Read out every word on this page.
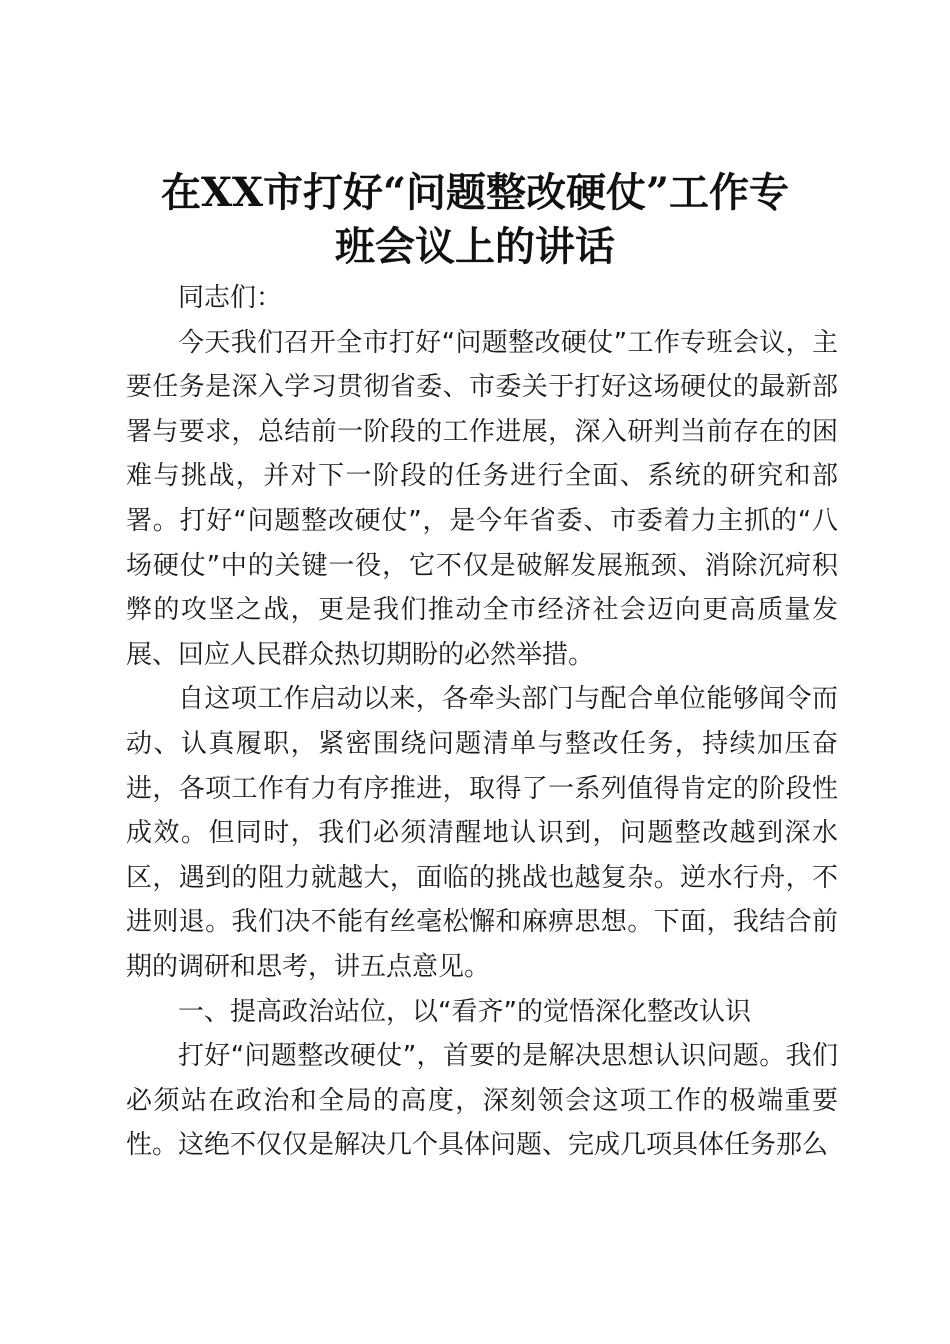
在XX市打好“问题整改硬仗”工作专
班会议上的讲话

同志们：

今天我们召开全市打好“问题整改硬仗”工作专班会议，主要任务是深入学习贯彻省委、市委关于打好这场硬仗的最新部署与要求，总结前一阶段的工作进展，深入研判当前存在的困难与挑战，并对下一阶段的任务进行全面、系统的研究和部署。打好“问题整改硬仗”，是今年省委、市委着力主抓的“八场硬仗”中的关键一役，它不仅是破解发展瓶颈、消除沉疴积弊的攻坚之战，更是我们推动全市经济社会迈向更高质量发展、回应人民群众热切期盼的必然举措。

自这项工作启动以来，各牵头部门与配合单位能够闻令而动、认真履职，紧密围绕问题清单与整改任务，持续加压奋进，各项工作有力有序推进，取得了一系列值得肯定的阶段性成效。但同时，我们必须清醒地认识到，问题整改越到深水区，遇到的阻力就越大，面临的挑战也越复杂。逆水行舟，不进则退。我们决不能有丝毫松懈和麻痹思想。下面，我结合前期的调研和思考，讲五点意见。

一、提高政治站位，以“看齐”的觉悟深化整改认识

打好“问题整改硬仗”，首要的是解决思想认识问题。我们必须站在政治和全局的高度，深刻领会这项工作的极端重要性。这绝不仅仅是解决几个具体问题、完成几项具体任务那么
